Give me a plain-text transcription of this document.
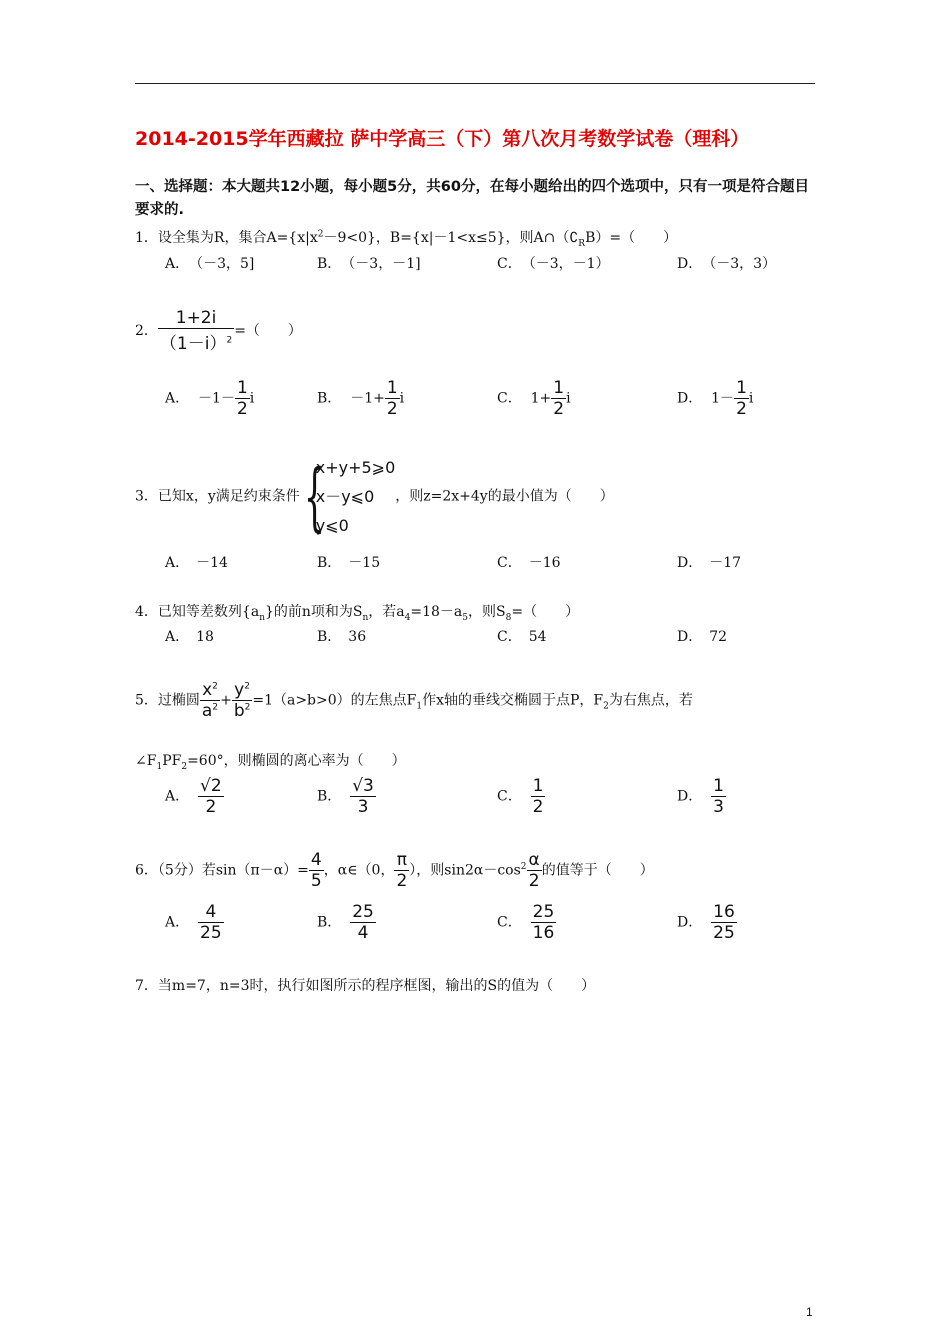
2014-2015学年西藏拉 萨中学高三（下）第八次月考数学试卷（理科）
一、选择题：本大题共12小题，每小题5分，共60分，在每小题给出的四个选项中，只有一项是符合题目要求的.
1．设全集为R，集合$A=\{x|x^2-9<0\}$，B={x|－1<x≤5}，则$A\cap(∁_RB)=$（　　）
A．　（－3，5]	B．　（－3，－1]	C．　（－3，－1）	D．　（－3，3）
2． $\frac{1+2i}{(1-i)^2}$ =（　　）
A． $-1- \frac{1}{2}$ i	B． $-1+ \frac{1}{2}$ i	C． $1+ \frac{1}{2}$ i	D． $1- \frac{1}{2}$ i
3．已知x，y满足约束条件{
x+y+5⩾0
x－y⩽0
y⩽0
，则z=2x+4y的最小值为（　　）
A．　－14	B．　－15	C．　－16	D．　－17
4．已知等差数列$\{a_n\}$的前n项和为$S_n$，若$a_4=18-a_5$，则$S_8=$（　　）
A．　18	B．　36	C．　54	D．　72
5．过椭圆 $\frac{x^2}{a^2} + \frac{y^2}{b^2} =1(a>b>0)$的左焦点$F_1$作x轴的垂线交椭圆于点P，$F_2$为右焦点，若
$\angle F_1PF_2=60^\circ$，则椭圆的离心率为（　　）
A． $\frac{√2}{2}$	B． $\frac{√3}{3}$	C． $\frac{1}{2}$	D． $\frac{1}{3}$
6．（5分）若$\sin(\pi-\alpha)= \frac{4}{5}$ ，α∈（0， $\frac{\pi}{2}$ ），则$\sin 2\alpha-\cos^2 \frac{\alpha}{2}$ 的值等于（　　）
A． $\frac{4}{25}$	B． $\frac{25}{4}$	C． $\frac{25}{16}$	D． $\frac{16}{25}$
7．当m=7，n=3时，执行如图所示的程序框图，输出的S的值为（　　）
1
